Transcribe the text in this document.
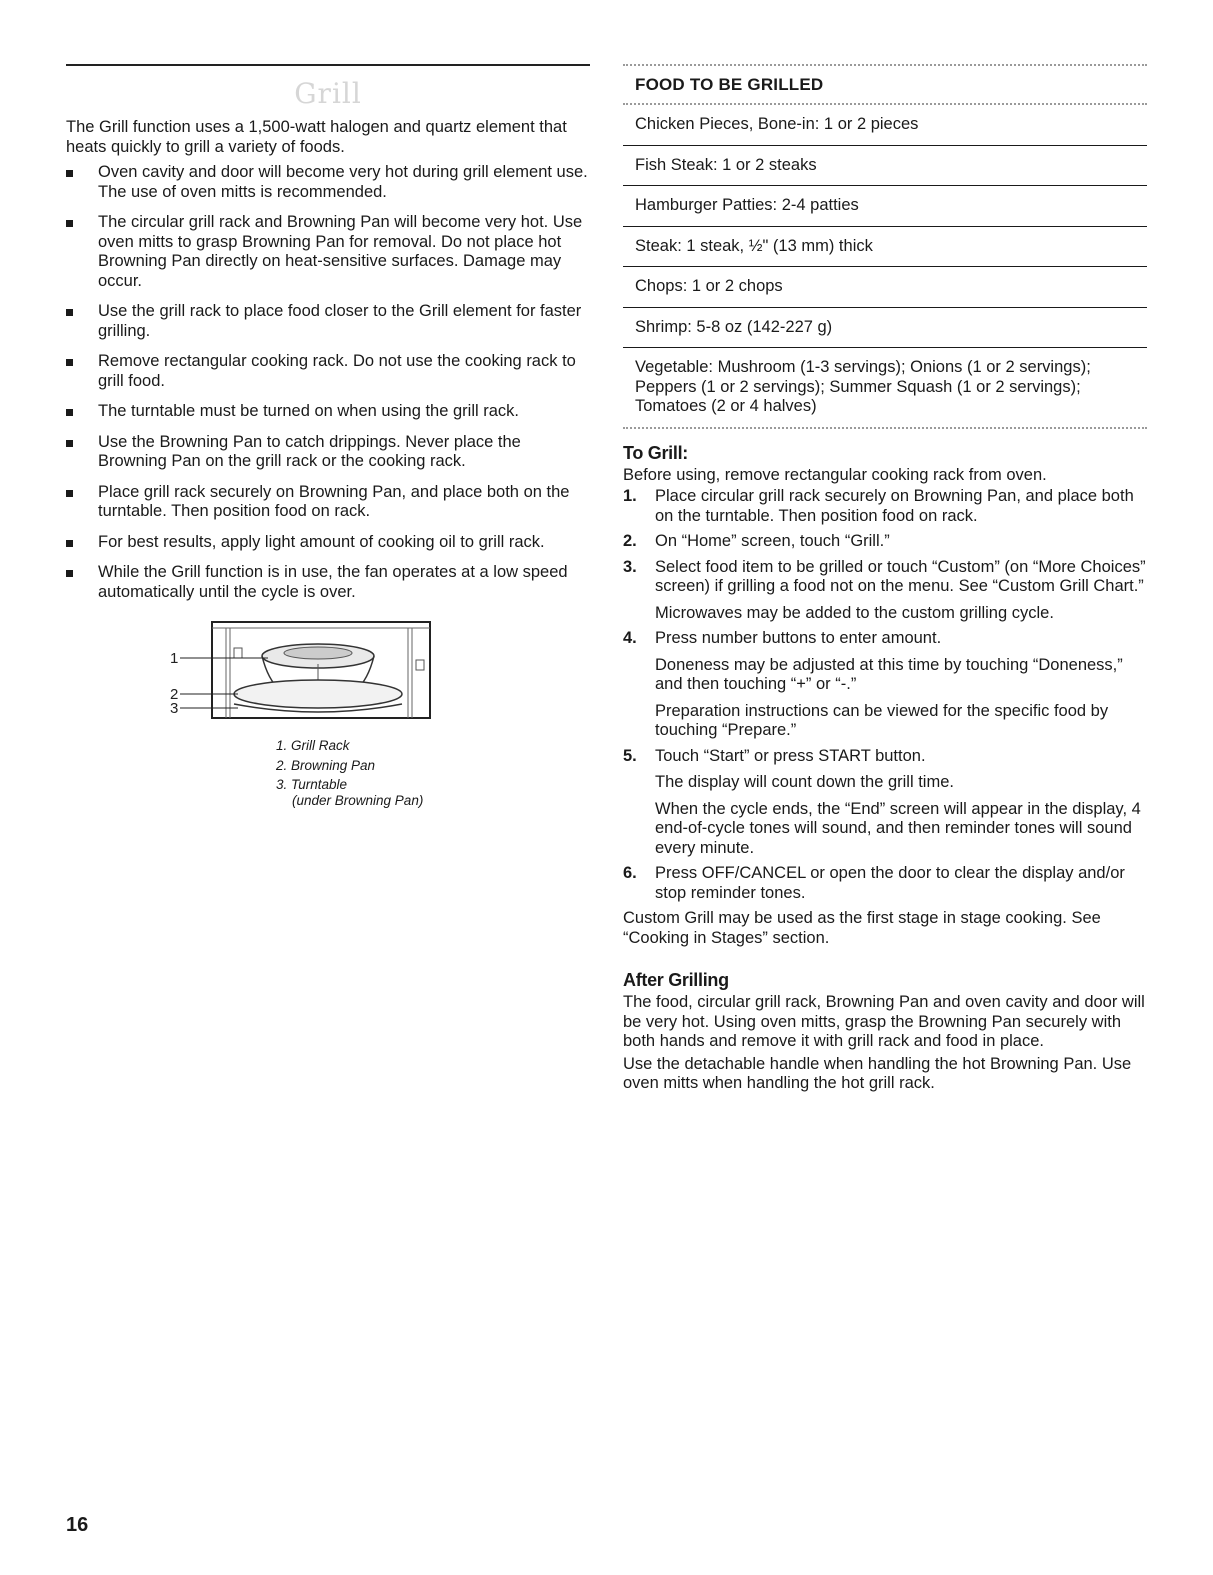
Grill

The Grill function uses a 1,500-watt halogen and quartz element that heats quickly to grill a variety of foods.

Oven cavity and door will become very hot during grill element use. The use of oven mitts is recommended.
The circular grill rack and Browning Pan will become very hot. Use oven mitts to grasp Browning Pan for removal. Do not place hot Browning Pan directly on heat-sensitive surfaces. Damage may occur.
Use the grill rack to place food closer to the Grill element for faster grilling.
Remove rectangular cooking rack. Do not use the cooking rack to grill food.
The turntable must be turned on when using the grill rack.
Use the Browning Pan to catch drippings. Never place the Browning Pan on the grill rack or the cooking rack.
Place grill rack securely on Browning Pan, and place both on the turntable. Then position food on rack.
For best results, apply light amount of cooking oil to grill rack.
While the Grill function is in use, the fan operates at a low speed automatically until the cycle is over.
1
2
3
1. Grill Rack
2. Browning Pan
3. Turntable
(under Browning Pan)
FOOD TO BE GRILLED
Chicken Pieces, Bone-in: 1 or 2 pieces
Fish Steak: 1 or 2 steaks
Hamburger Patties: 2-4 patties
Steak: 1 steak, ½" (13 mm) thick
Chops: 1 or 2 chops
Shrimp: 5-8 oz (142-227 g)
Vegetable: Mushroom (1-3 servings); Onions (1 or 2 servings); Peppers (1 or 2 servings); Summer Squash (1 or 2 servings); Tomatoes (2 or 4 halves)
To Grill:

Before using, remove rectangular cooking rack from oven.

1. Place circular grill rack securely on Browning Pan, and place both on the turntable. Then position food on rack.
2. On “Home” screen, touch “Grill.”
3. Select food item to be grilled or touch “Custom” (on “More Choices” screen) if grilling a food not on the menu. See “Custom Grill Chart.”
Microwaves may be added to the custom grilling cycle.
4. Press number buttons to enter amount.
Doneness may be adjusted at this time by touching “Doneness,” and then touching “+” or “-.”
Preparation instructions can be viewed for the specific food by touching “Prepare.”
5. Touch “Start” or press START button.
The display will count down the grill time.
When the cycle ends, the “End” screen will appear in the display, 4 end-of-cycle tones will sound, and then reminder tones will sound every minute.
6. Press OFF/CANCEL or open the door to clear the display and/or stop reminder tones.

Custom Grill may be used as the first stage in stage cooking. See “Cooking in Stages” section.

After Grilling

The food, circular grill rack, Browning Pan and oven cavity and door will be very hot. Using oven mitts, grasp the Browning Pan securely with both hands and remove it with grill rack and food in place.

Use the detachable handle when handling the hot Browning Pan. Use oven mitts when handling the hot grill rack.

16
